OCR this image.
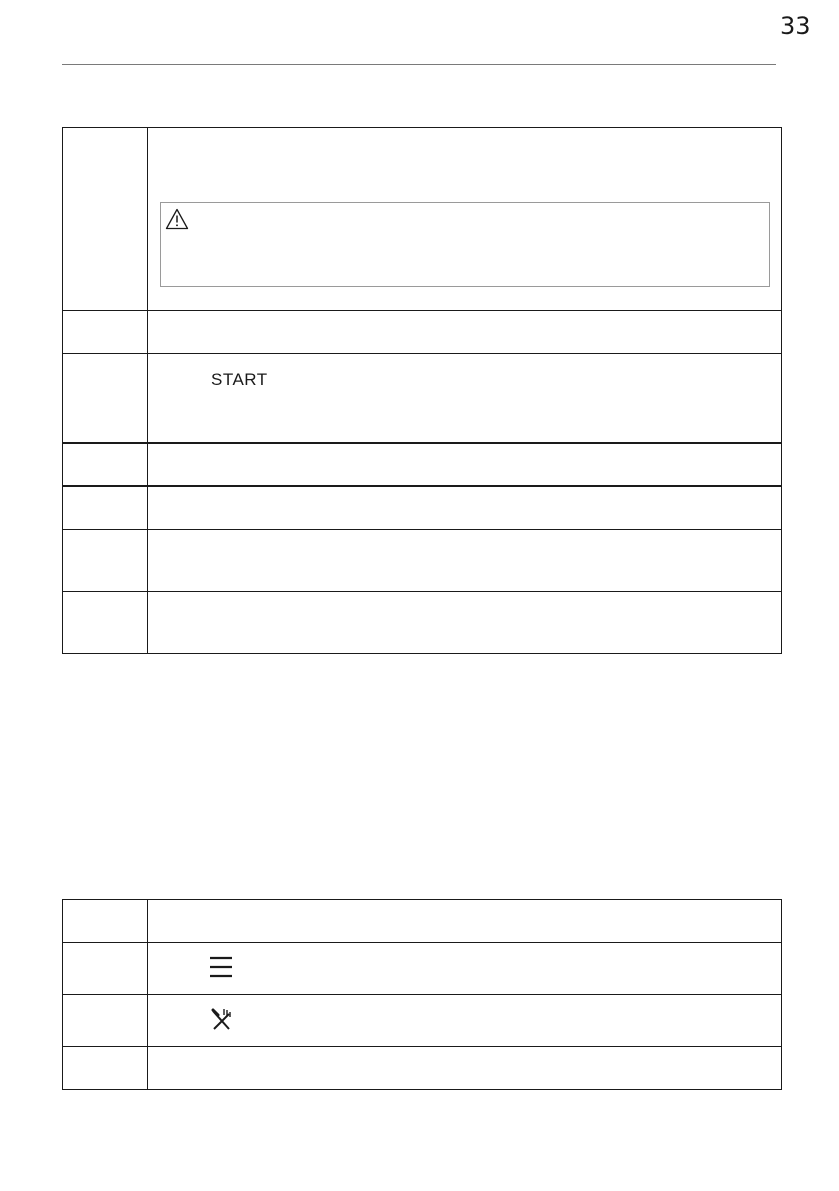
33

	START
